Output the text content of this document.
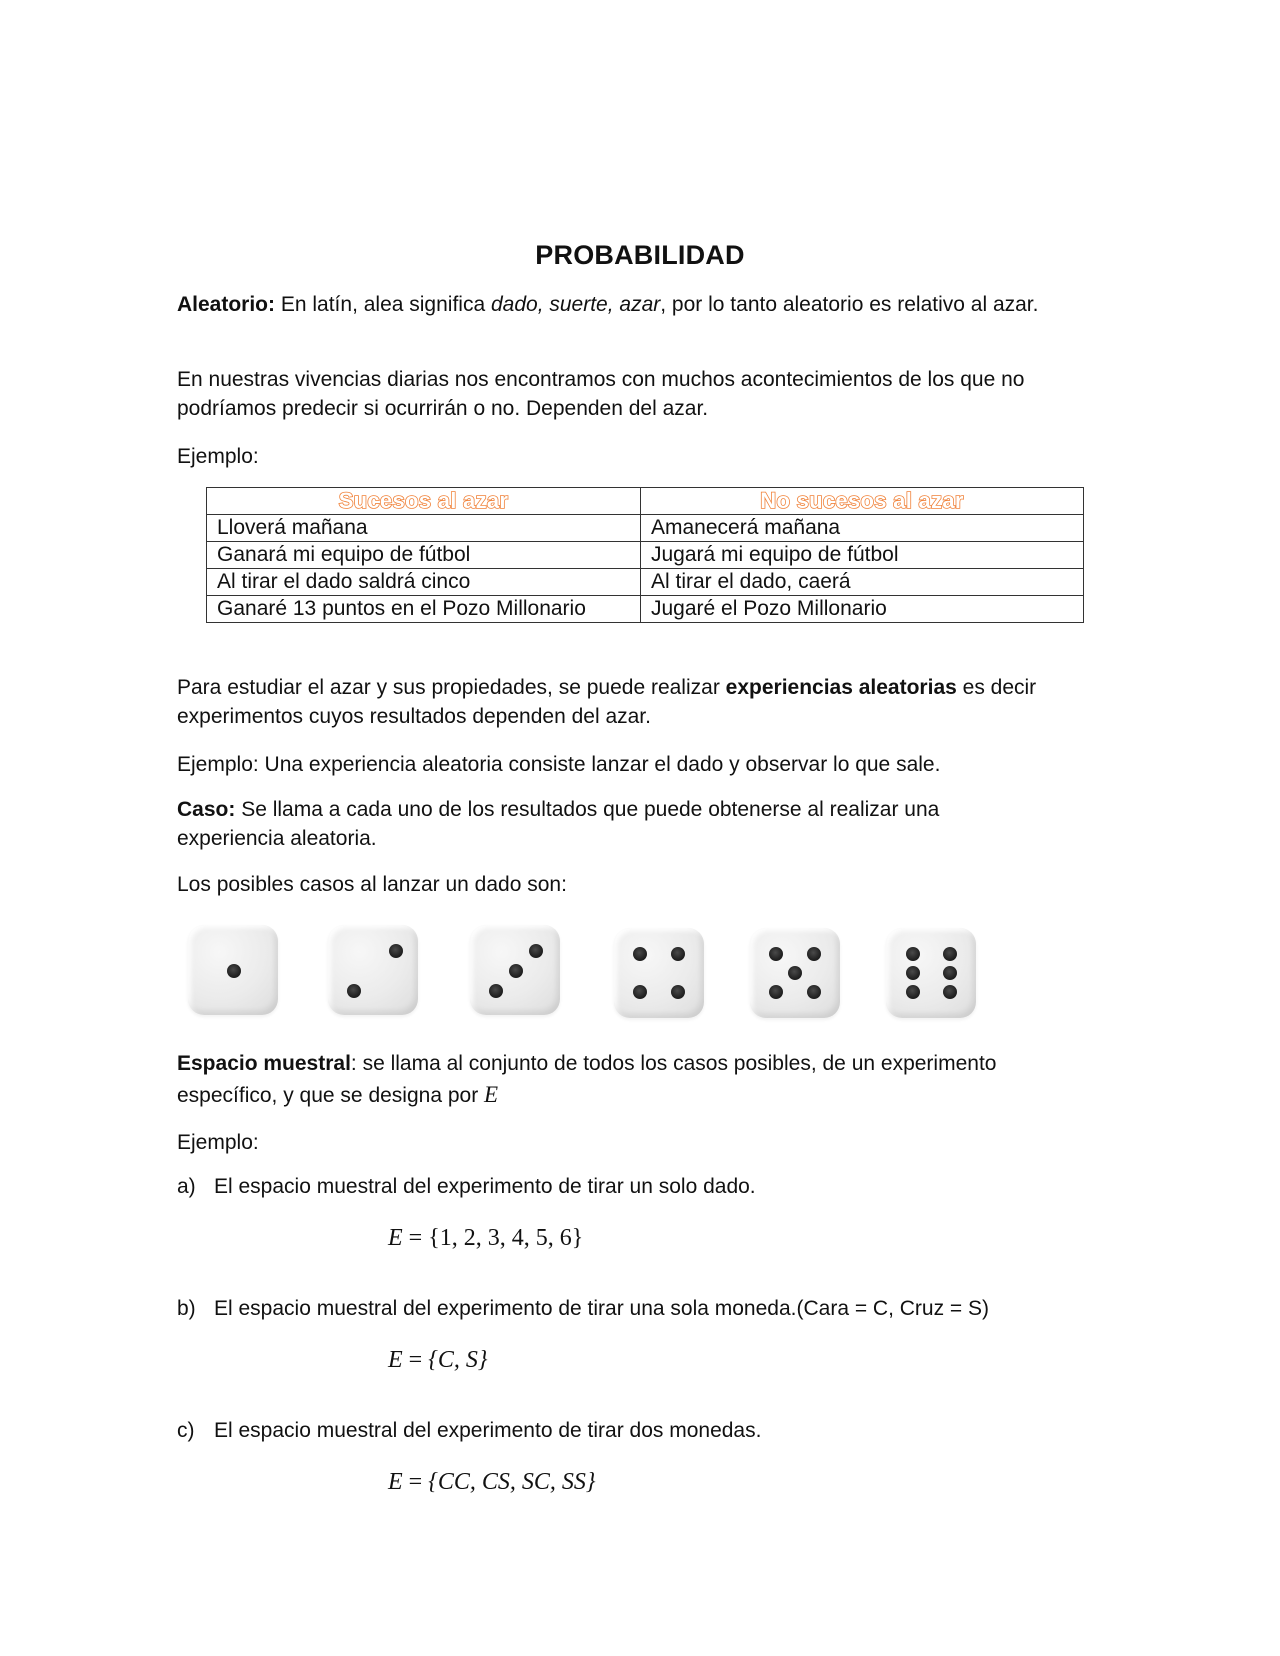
PROBABILIDAD
Aleatorio: En latín, alea significa dado, suerte, azar, por lo tanto aleatorio es relativo al azar.
En nuestras vivencias diarias nos encontramos con muchos acontecimientos de los que no podríamos predecir si ocurrirán o no. Dependen del azar.
Ejemplo:
Sucesos al azar	No sucesos al azar
Lloverá mañana	Amanecerá mañana
Ganará mi equipo de fútbol	Jugará mi equipo de fútbol
Al tirar el dado saldrá cinco	Al tirar el dado, caerá
Ganaré 13 puntos en el Pozo Millonario	Jugaré el Pozo Millonario
Para estudiar el azar y sus propiedades, se puede realizar experiencias aleatorias es decir experimentos cuyos resultados dependen del azar.
Ejemplo: Una experiencia aleatoria consiste lanzar el dado y observar lo que sale.
Caso: Se llama a cada uno de los resultados que puede obtenerse al realizar una experiencia aleatoria.
Los posibles casos al lanzar un dado son:
Espacio muestral: se llama al conjunto de todos los casos posibles, de un experimento específico, y que se designa por E
Ejemplo:
a) El espacio muestral del experimento de tirar un solo dado.
E = {1, 2, 3, 4, 5, 6}
b) El espacio muestral del experimento de tirar una sola moneda.(Cara = C, Cruz = S)
E = {C, S}
c) El espacio muestral del experimento de tirar dos monedas.
E = {CC, CS, SC, SS}
